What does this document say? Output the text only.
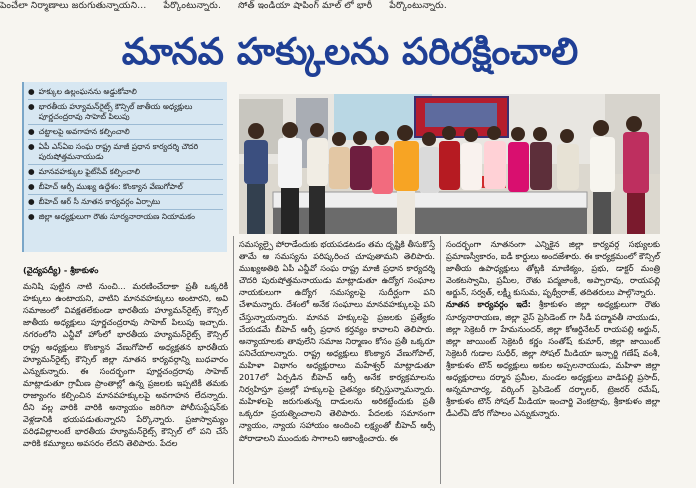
పెంచేలా నిర్మాణాలు జరుగుతున్నాయని... పేర్కొంటున్నారు. సోత్ ఇండియా షాపింగ్ మాల్ లో భారీ పేర్కొంటున్నారు.
మానవ హక్కులను పరిరక్షించాలి
● హక్కుల ఉల్లంఘనను అడ్డుకోవాలి
● భారతీయ హ్యూమన్‌రైట్స్ కౌన్సిల్ జాతీయ అధ్యక్షులు పూర్ణచంద్రరావు సాహెబ్ పిలుపు
● చట్టాలపై అవగాహన కల్పించాలి
● ఏపీ ఎస్ఏఐ సంఘ రాష్ట్ర మాజీ ప్రధాన కార్యదర్శి చౌదరి పురుషోత్తమనాయుడు
● మానవహక్కుల ఫైట్‌సేవ్ కల్పించాలి
● బీహెచ్ ఆర్సీ ముఖ్య ఉద్దేశం: కొంక్యాన వేణుగోపాల్
● బీహెచ్ ఆర్ సీ నూతన కార్యవర్గం ఏర్పాటు
● జిల్లా అధ్యక్షులుగా రౌతు సూర్యనారాయణ నియామకం
(వైద్యపద్యీ) - శ్రీకాకుళం
మనిషి పుట్టిన నాటి నుంచి... మరణించేదాకా ప్రతీ ఒక్కరికీ హక్కులు ఉంటాయని, వాటిని మానవహక్కులు అంటారని, అవి సమాజంలో వివక్షతలేకుండా భారతీయ హ్యూమన్‌రైట్స్ కౌన్సిల్ జాతీయ అధ్యక్షులు పూర్ణచంద్రరావు సాహెబ్ పిలుపు ఇచ్చారు. నగరంలోని ఎన్జీవో హోంలో భారతీయ హ్యూమన్‌రైట్స్ కౌన్సిల్ రాష్ట్ర అధ్యక్షులు కొంక్యాన వేణుగోపాల్ అధ్యక్షతన భారతీయ హ్యూమన్‌రైట్స్ కౌన్సిల్ జిల్లా నూతన కార్యవర్గాన్ని బుధవారం ఎన్నుకున్నారు. ఈ సందర్భంగా పూర్ణచంద్రరావు సాహెబ్ మాట్లాడుతూ గ్రామీణ ప్రాంతాల్లో ఉన్న ప్రజలకు ఇప్పటికీ తమకు రాజ్యాంగం కల్పించిన మానవహక్కులపై అవగాహన లేదన్నారు. దీని వల్ల వారికి వారికి అన్యాయం జరిగినా పోలీసుస్టేషన్‌కు వెళ్లడానికి భయపడుతున్నారని పేర్కొన్నారు. ప్రజాస్వామ్యం పరిఢవిల్లాలంటే భారతీయ హ్యూమన్‌రైట్స్ కౌన్సిల్ లో పని చేసే వారికి కమ్యూలు అవసరం లేదని తెలిపారు. పేదల
సమస్యల్పై పోరాడేందుకు భయపడటడం తమ దృష్టికి తీసుకొస్తే తామే ఆ సమస్యను పరిష్కరించ చూపుతామని తెలిపారు. ముఖ్యఅతిథి ఏపీ ఎన్జీవో సంఘ రాష్ట్ర మాజీ ప్రధాన కార్యదర్శి చౌదరి పురుషోత్తమనాయుడు మాట్లాడుతూ ఉద్యోగ సంఘాల నాయకులుగా ఉద్యోగ సమస్యలపై సుదీర్ఘంగా పని చేశామన్నారు. దేశంలో అనేక సంఘాలు మానవహక్కులపై పని చేస్తున్నాయన్నారు. మానవ హక్కులపై ప్రజలకు ప్రత్యేకం చేయడమే బీహెచ్ ఆర్సీ ప్రధాన కర్తవ్యం కావాలని తెలిపారు. అన్యాయాలకు తావులేని సమాజ నిర్మాణం కోసం ప్రతీ ఒక్కరూ పనిచేయాలన్నారు. రాష్ట్ర అధ్యక్షులు కొంక్యాన వేణుగోపాల్, మహిళా విభాగం అధ్యక్షురాలు మహేశ్వర్ మాట్లాడుతూ 2017లో ఏర్పడిన బీహెచ్ ఆర్సీ అనేక కార్యక్రమాలను నిర్వహిస్తూ ప్రజల్లో హక్కులపై చైతన్యం కల్పిస్తున్నామన్నారు. మహిళలపై జరుగుతున్న దాడులను అరికట్టేందుకు ప్రతీ ఒక్కరూ ప్రయత్నించాలని తెలిపారు. పేదలకు సమానంగా న్యాయం, న్యాయ సహాయం అందించి లక్ష్యంతో బీహెచ్ ఆర్సీ పోరాడాలని ముందుకు సాగాలని ఆకాంక్షించారు. ఈ
సందర్భంగా నూతనంగా ఎన్నికైన జిల్లా కార్యవర్గ సభ్యులకు ప్రమాణస్వీకారం, ఐడీ కార్డులు అందజేశారు. ఈ కార్యక్రమంలో కౌన్సిల్ జాతీయ ఉపాధ్యక్షులు తోట్లకి మాణిక్యం, ప్రభు, డాక్టర్ మంత్రి వెంకటస్వామి, ప్రమీల, రౌతు పద్మజాంకి, అప్పారావు, రాయపల్లి అర్జున్, సర్వత్, లక్ష్మీ కుసుమ, పృథ్వీరాజ్, తదితరులు పాల్గొన్నారు.
నూతన కార్యవర్గం ఇదే: శ్రీకాకుళం జిల్లా అధ్యక్షులుగా రౌతు సూర్యనారాయణ, జిల్లా వైస్ ప్రెసిడెంట్ గా సీడీ పద్మావతీ నాయుడు, జిల్లా సెక్రెటరీ గా హేమనుందర్, జిల్లా కోఆర్డినేటర్ రాయపల్లి అర్జున్, జిల్లా జాయింట్ సెక్రెటరీ కర్ణం సంతోష్ కుమార్, జిల్లా జాయింట్ సెక్రెటరీ గుడాల సుధీర్, జిల్లా సోషల్ మీడియా ఇన్చార్జి గణేష్ వంశీ, శ్రీకాకుళం టౌన్ అధ్యక్షులు అకుల అప్పలనాయుడు, మహిళా జిల్లా అధ్యక్షురాలు దర్మాన ప్రమీల, మండల అధ్యక్షులు వాడిపల్లి ప్రసాద్, అన్నమాచార్య, వర్కింగ్ ప్రెసిడెంట్ దర్భాలర్, ట్రెజరర్ రమేష్, శ్రీకాకుళం టౌన్ సోషల్ మీడియా ఇంచార్జి వెంకట్రావు, శ్రీకాకుళం జిల్లా డీఎల్ఏ డోర గోపాలం ఎన్నుకున్నారు.
